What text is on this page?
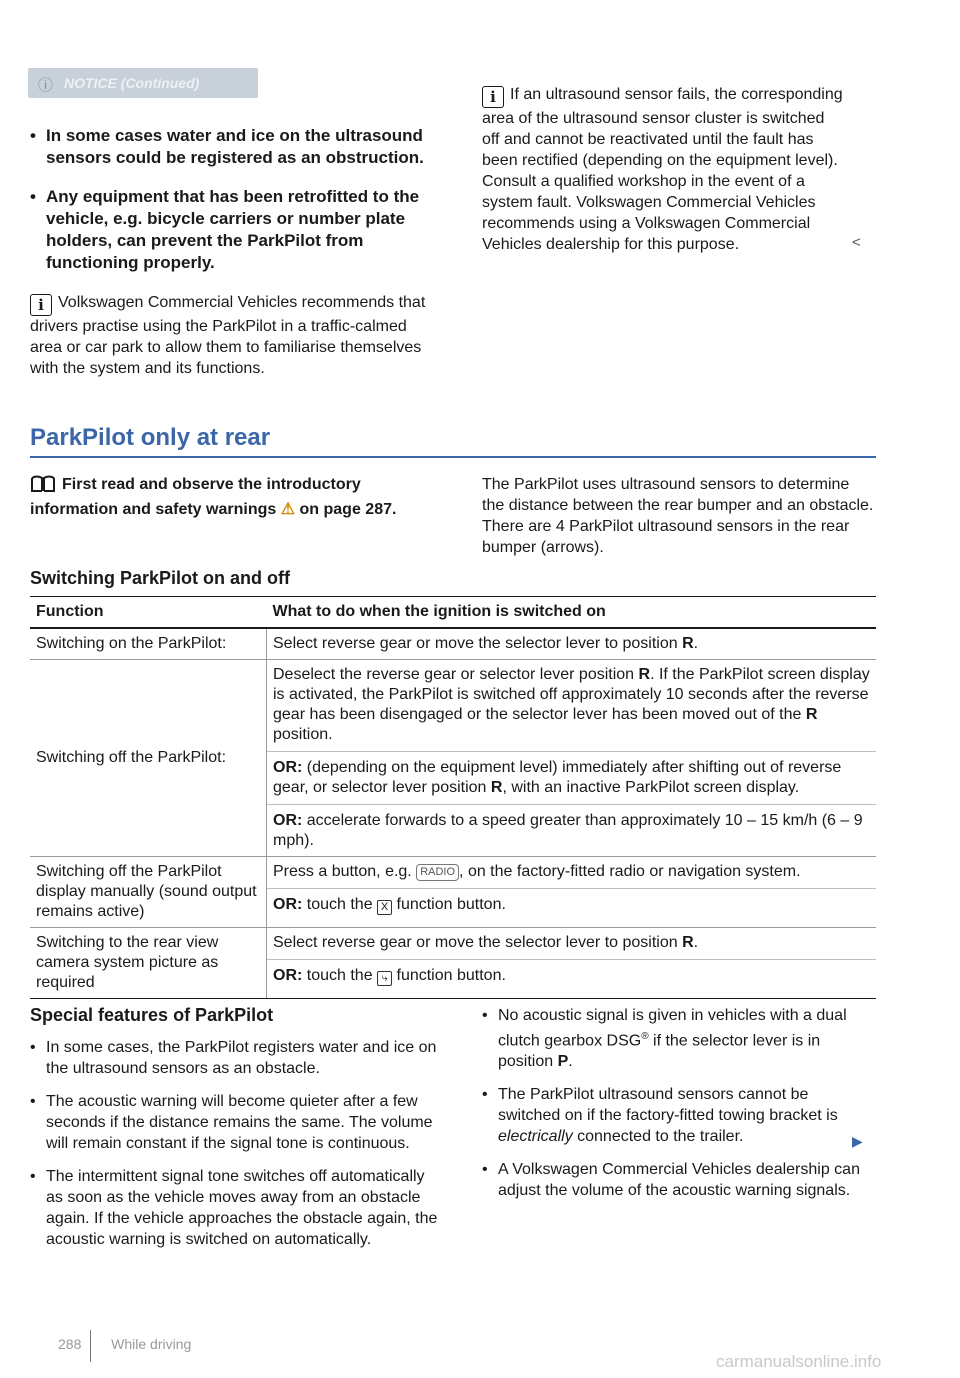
ⓘ NOTICE (Continued)
• In some cases water and ice on the ultrasound sensors could be registered as an obstruction.
• Any equipment that has been retrofitted to the vehicle, e.g. bicycle carriers or number plate holders, can prevent the ParkPilot from functioning properly.
i Volkswagen Commercial Vehicles recommends that drivers practise using the ParkPilot in a traffic-calmed area or car park to allow them to familiarise themselves with the system and its functions.
i If an ultrasound sensor fails, the corresponding area of the ultrasound sensor cluster is switched off and cannot be reactivated until the fault has been rectified (depending on the equipment level). Consult a qualified workshop in the event of a system fault. Volkswagen Commercial Vehicles recommends using a Volkswagen Commercial Vehicles dealership for this purpose.	<
ParkPilot only at rear
First read and observe the introductory information and safety warnings ⚠ on page 287.
The ParkPilot uses ultrasound sensors to determine the distance between the rear bumper and an obstacle. There are 4 ParkPilot ultrasound sensors in the rear bumper (arrows).
Switching ParkPilot on and off
Function	What to do when the ignition is switched on
Switching on the ParkPilot:	Select reverse gear or move the selector lever to position R.
Switching off the ParkPilot:	Deselect the reverse gear or selector lever position R. If the ParkPilot screen display is activated, the ParkPilot is switched off approximately 10 seconds after the reverse gear has been disengaged or the selector lever has been moved out of the R position.
OR: (depending on the equipment level) immediately after shifting out of reverse gear, or selector lever position R, with an inactive ParkPilot screen display.
OR: accelerate forwards to a speed greater than approximately 10 – 15 km/h (6 – 9 mph).

Switching off the ParkPilot display manually (sound output remains active)	Press a button, e.g. RADIO , on the factory-fitted radio or navigation system.
OR: touch the X function button.

Switching to the rear view camera system picture as required	Select reverse gear or move the selector lever to position R.
OR: touch the ⤷ function button.
Special features of ParkPilot
• In some cases, the ParkPilot registers water and ice on the ultrasound sensors as an obstacle.
• The acoustic warning will become quieter after a few seconds if the distance remains the same. The volume will remain constant if the signal tone is continuous.
• The intermittent signal tone switches off automatically as soon as the vehicle moves away from an obstacle again. If the vehicle approaches the obstacle again, the acoustic warning is switched on automatically.
• No acoustic signal is given in vehicles with a dual clutch gearbox DSG® if the selector lever is in position P.
• The ParkPilot ultrasound sensors cannot be switched on if the factory-fitted towing bracket is electrically connected to the trailer.
• A Volkswagen Commercial Vehicles dealership can adjust the volume of the acoustic warning signals.
▶
288 While driving
carmanualsonline.info
